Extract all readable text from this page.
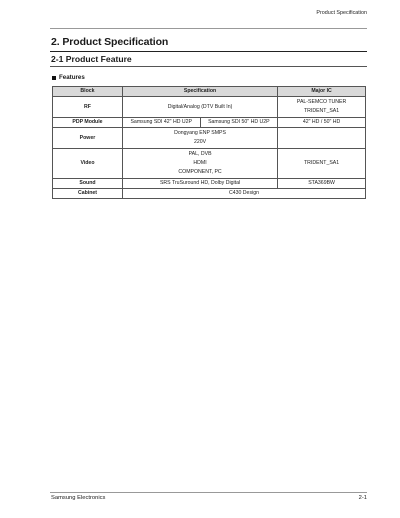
Product Specification
2. Product Specification
2-1 Product Feature
Features
Block	Specification		Major IC
RF	Digital/Analog (DTV Built In)		PAL-SEMCO TUNER
TRIDENT_SA1

PDP Module	Samsung SDI 42" HD U2P	Samsung SDI 50" HD U2P	42" HD / 50" HD
Power	Dongyang ENP SMPS
220V		

Video	PAL, DVB
HDMI
COMPONENT, PC		TRIDENT_SA1
Sound	SRS TruSuround HD, Dolby Digital		STA369BW
Cabinet	C430 Design		
Samsung Electronics	2-1
